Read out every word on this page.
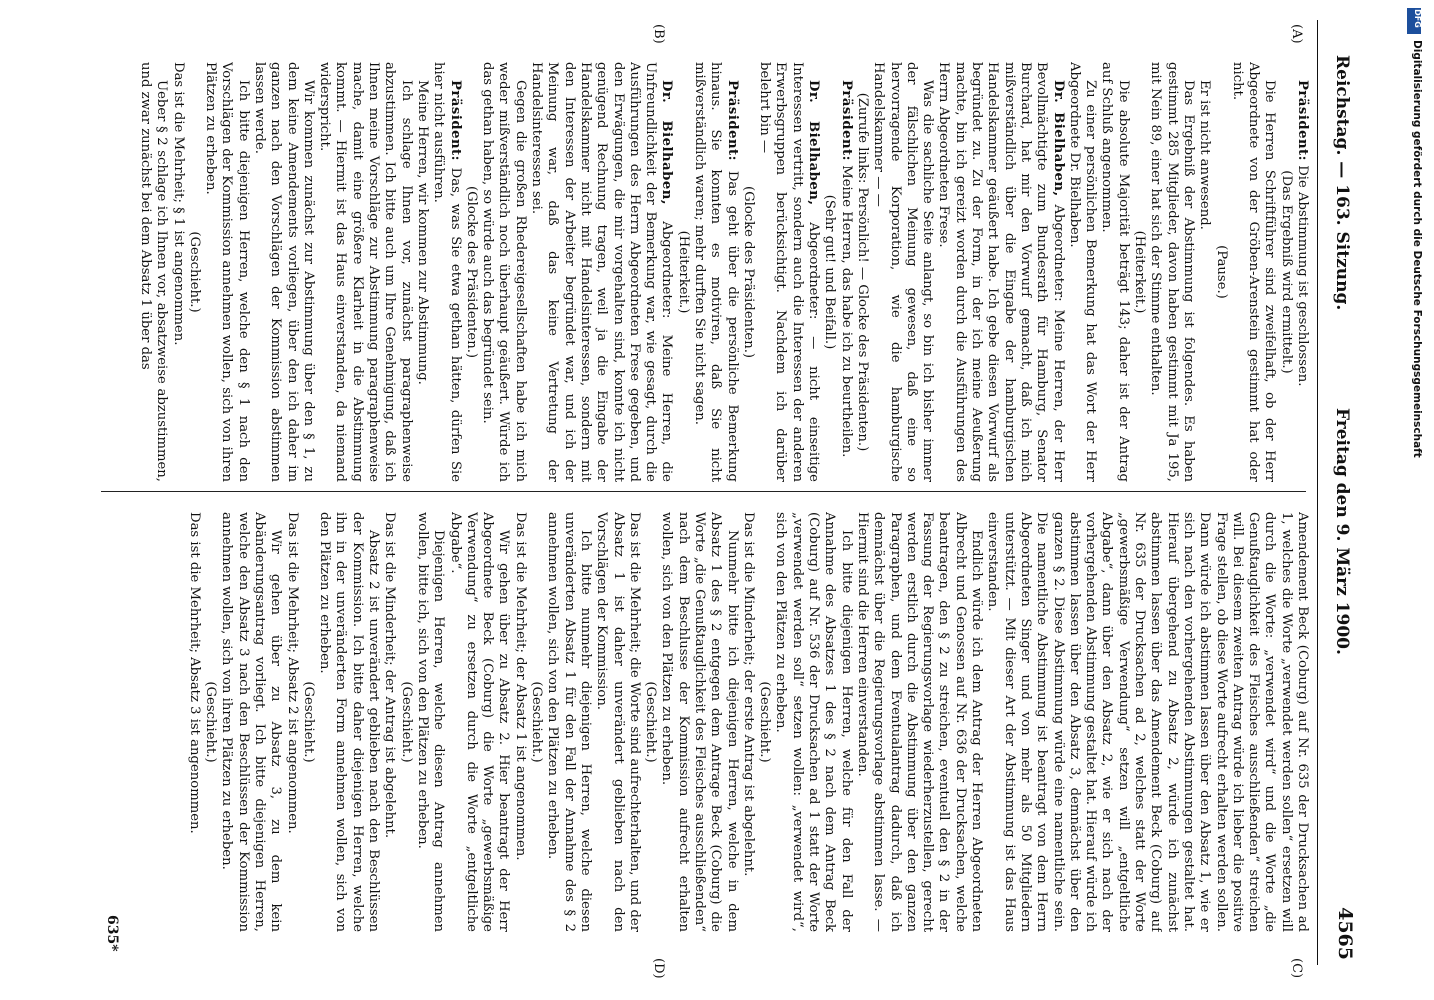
Reichstag. — 163. Sitzung.
Freitag den 9. März 1900.
4565
(A)
(B)
(C)
(D)

Präsident: Die Abstimmung ist geschlossen.

(Das Ergebniß wird ermittelt.)

Die Herren Schriftführer sind zweifelhaft, ob der Herr Abgeordnete von der Gröben-Arenstein gestimmt hat oder nicht.

(Pause.)

Er ist nicht anwesend.

Das Ergebniß der Abstimmung ist folgendes. Es haben gestimmt 285 Mitglieder, davon haben gestimmt mit Ja 195, mit Nein 89, einer hat sich der Stimme enthalten.

(Heiterkeit.)

Die absolute Majorität beträgt 143; daher ist der Antrag auf Schluß angenommen.

Zu einer persönlichen Bemerkung hat das Wort der Herr Abgeordnete Dr. Bielhaben.

Dr. Bielhaben, Abgeordneter: Meine Herren, der Herr Bevollmächtigte zum Bundesrath für Hamburg, Senator Burchard, hat mir den Vorwurf gemacht, daß ich mich mißverständlich über die Eingabe der hamburgischen Handelskammer geäußert habe. Ich gebe diesen Vorwurf als begründet zu. Zu der Form, in der ich meine Aeußerung machte, bin ich gereizt worden durch die Ausführungen des Herrn Abgeordneten Frese.

Was die sachliche Seite anlangt, so bin ich bisher immer der fälschlichen Meinung gewesen, daß eine so hervorragende Korporation, wie die hamburgische Handelskammer — —

(Zurufe links: Persönlich! — Glocke des Präsidenten.)

Präsident: Meine Herren, das habe ich zu beurtheilen.

(Sehr gut! und Beifall.)

Dr. Bielhaben, Abgeordneter: — nicht einseitige Interessen vertritt, sondern auch die Interessen der anderen Erwerbsgruppen berücksichtigt. Nachdem ich darüber belehrt bin —

(Glocke des Präsidenten.)

Präsident: Das geht über die persönliche Bemerkung hinaus. Sie konnten es motiviren, daß Sie nicht mißverständlich waren; mehr durften Sie nicht sagen.

(Heiterkeit.)

Dr. Bielhaben, Abgeordneter: Meine Herren, die Unfreundlichkeit der Bemerkung war, wie gesagt, durch die Ausführungen des Herrn Abgeordneten Frese gegeben, und den Erwägungen, die mir vorgehalten sind, konnte ich nicht genügend Rechnung tragen, weil ja die Eingabe der Handelskammer nicht mit Handelsinteressen, sondern mit den Interessen der Arbeiter begründet war, und ich der Meinung war, daß das keine Vertretung der Handelsinteressen sei.

Gegen die großen Rhedereigesellschaften habe ich mich weder mißverständlich noch überhaupt geäußert. Würde ich das gethan haben, so würde auch das begründet sein.

(Glocke des Präsidenten.)

Präsident: Das, was Sie etwa gethan hätten, dürfen Sie hier nicht ausführen.

Meine Herren, wir kommen zur Abstimmung.

Ich schlage Ihnen vor, zunächst paragraphenweise abzustimmen. Ich bitte auch um Ihre Genehmigung, daß ich Ihnen meine Vorschläge zur Abstimmung paragraphenweise mache, damit eine größere Klarheit in die Abstimmung kommt. — Hiermit ist das Haus einverstanden, da niemand widerspricht.

Wir kommen zunächst zur Abstimmung über den § 1, zu dem keine Amendements vorliegen, über den ich daher im ganzen nach den Vorschlägen der Kommission abstimmen lassen werde.

Ich bitte diejenigen Herren, welche den § 1 nach den Vorschlägen der Kommission annehmen wollen, sich von ihren Plätzen zu erheben.

(Geschieht.)

Das ist die Mehrheit; § 1 ist angenommen.

Ueber § 2 schlage ich Ihnen vor, absatzweise abzustimmen, und zwar zunächst bei dem Absatz 1 über das

Amendement Beck (Coburg) auf Nr. 635 der Drucksachen ad 1, welches die Worte „verwendet werden sollen“ ersetzen will durch die Worte: „verwendet wird“ und die Worte „die Genußtauglichkeit des Fleisches ausschließenden“ streichen will. Bei diesem zweiten Antrag würde ich lieber die positive Frage stellen, ob diese Worte aufrecht erhalten werden sollen. Dann würde ich abstimmen lassen über den Absatz 1, wie er sich nach den vorhergehenden Abstimmungen gestaltet hat. Hierauf übergehend zu Absatz 2, würde ich zunächst abstimmen lassen über das Amendement Beck (Coburg) auf Nr. 635 der Drucksachen ad 2, welches statt der Worte „gewerbsmäßige Verwendung“ setzen will „entgeltliche Abgabe“, dann über den Absatz 2, wie er sich nach der vorhergehenden Abstimmung gestaltet hat. Hierauf würde ich abstimmen lassen über den Absatz 3, demnächst über den ganzen § 2. Diese Abstimmung würde eine namentliche sein. Die namentliche Abstimmung ist beantragt von dem Herrn Abgeordneten Singer und von mehr als 50 Mitgliedern unterstützt. — Mit dieser Art der Abstimmung ist das Haus einverstanden.

Endlich würde ich dem Antrag der Herren Abgeordneten Albrecht und Genossen auf Nr. 636 der Drucksachen, welche beantragen, den § 2 zu streichen, eventuell den § 2 in der Fassung der Regierungsvorlage wiederherzustellen, gerecht werden erstlich durch die Abstimmung über den ganzen Paragraphen, und dem Eventualantrag dadurch, daß ich demnächst über die Regierungsvorlage abstimmen lasse. — Hiermit sind die Herren einverstanden.

Ich bitte diejenigen Herren, welche für den Fall der Annahme des Absatzes 1 des § 2 nach dem Antrag Beck (Coburg) auf Nr. 536 der Drucksachen ad 1 statt der Worte „verwendet werden soll“ setzen wollen: „verwendet wird“, sich von den Plätzen zu erheben.

(Geschieht.)

Das ist die Minderheit; der erste Antrag ist abgelehnt.

Nunmehr bitte ich diejenigen Herren, welche in dem Absatz 1 des § 2 entgegen dem Antrage Beck (Coburg) die Worte „die Genußtauglichkeit des Fleisches ausschließenden“ nach dem Beschlusse der Kommission aufrecht erhalten wollen, sich von den Plätzen zu erheben.

(Geschieht.)

Das ist die Mehrheit; die Worte sind aufrechterhalten, und der Absatz 1 ist daher unverändert geblieben nach den Vorschlägen der Kommission.

Ich bitte nunmehr diejenigen Herren, welche diesen unveränderten Absatz 1 für den Fall der Annahme des § 2 annehmen wollen, sich von den Plätzen zu erheben.

(Geschieht.)

Das ist die Mehrheit; der Absatz 1 ist angenommen.

Wir gehen über zu Absatz 2. Hier beantragt der Herr Abgeordnete Beck (Coburg) die Worte „gewerbsmäßige Verwendung“ zu ersetzen durch die Worte „entgeltliche Abgabe“.

Diejenigen Herren, welche diesen Antrag annehmen wollen, bitte ich, sich von den Plätzen zu erheben.

(Geschieht.)

Das ist die Minderheit; der Antrag ist abgelehnt.

Absatz 2 ist unverändert geblieben nach den Beschlüssen der Kommission. Ich bitte daher diejenigen Herren, welche ihn in der unveränderten Form annehmen wollen, sich von den Plätzen zu erheben.

(Geschieht.)

Das ist die Mehrheit; Absatz 2 ist angenommen.

Wir gehen über zu Absatz 3, zu dem kein Abänderungsantrag vorliegt. Ich bitte diejenigen Herren, welche den Absatz 3 nach den Beschlüssen der Kommission annehmen wollen, sich von ihren Plätzen zu erheben.

(Geschieht.)

Das ist die Mehrheit; Absatz 3 ist angenommen.

635*
DFG
Digitalisierung gefördert durch die Deutsche Forschungsgemeinschaft
